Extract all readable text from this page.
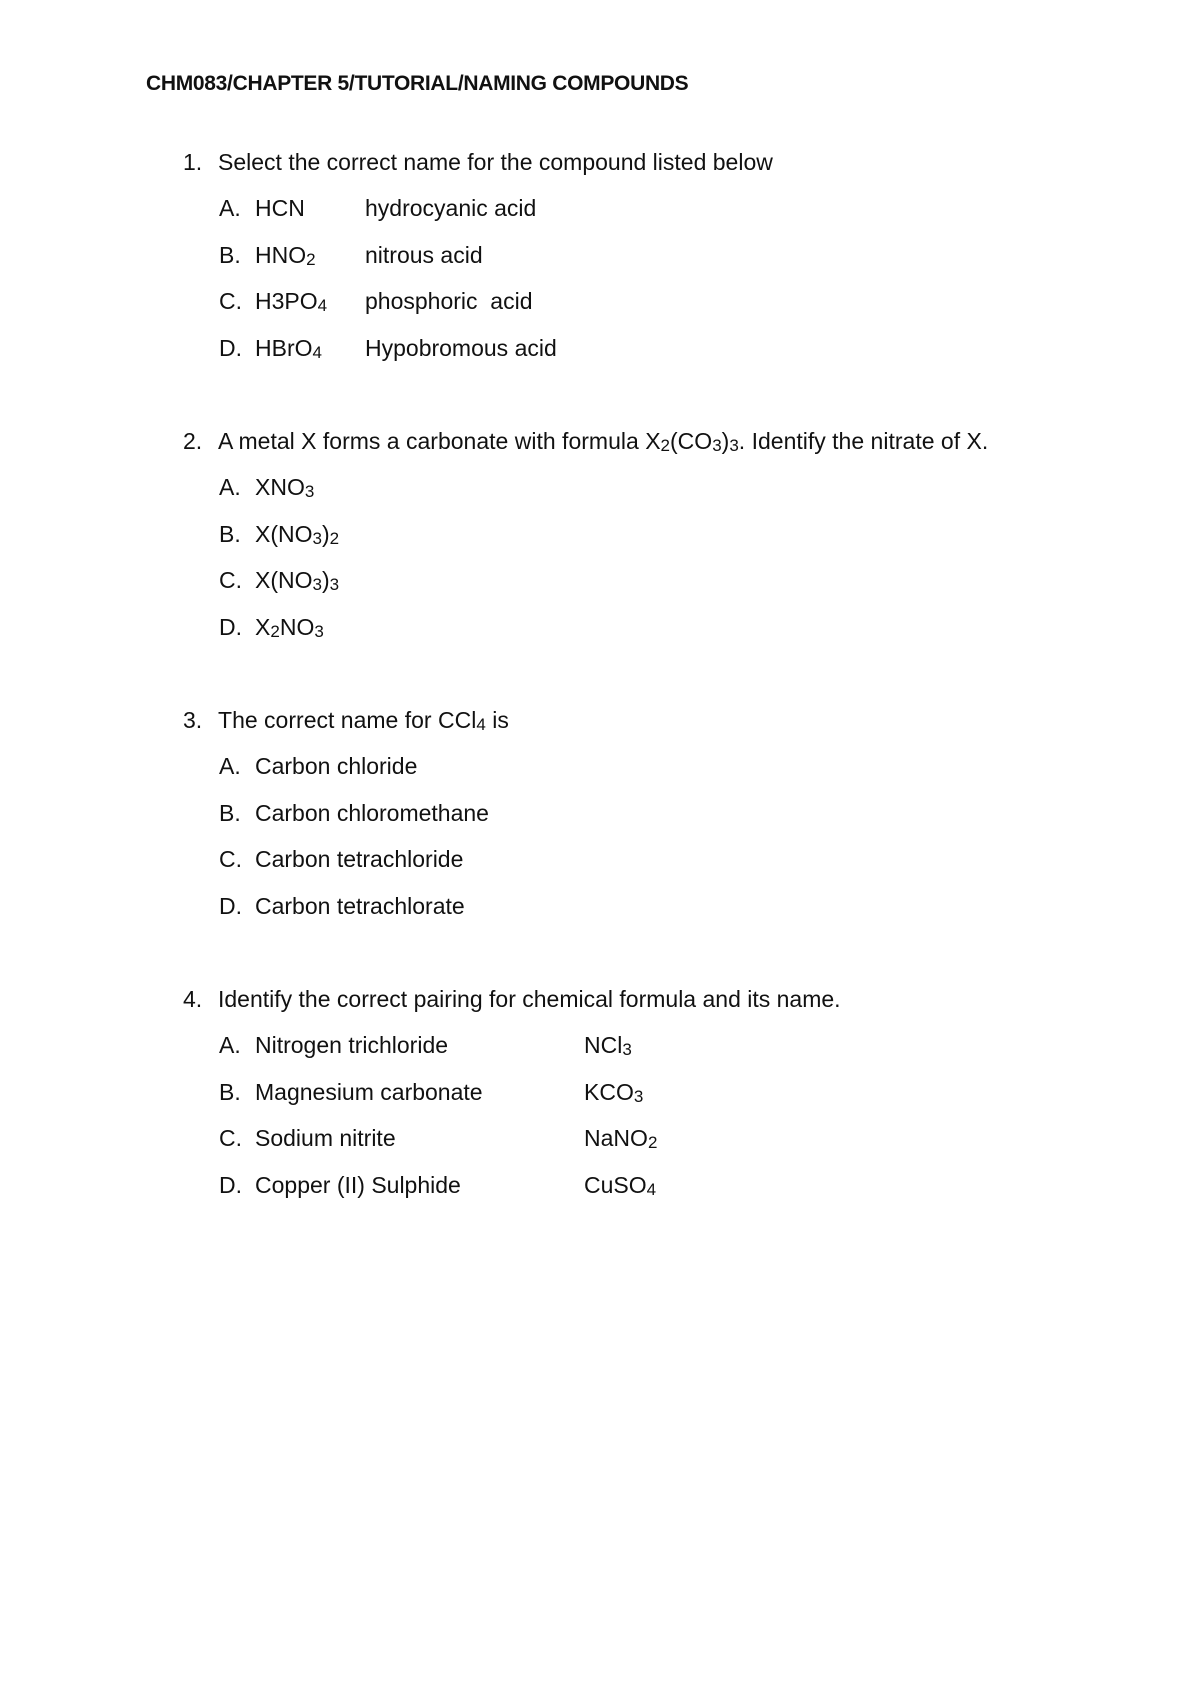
CHM083/CHAPTER 5/TUTORIAL/NAMING COMPOUNDS
1. Select the correct name for the compound listed below
A. HCN	hydrocyanic acid
B. $HNO_2$ nitrous acid
C. $H3PO_4$ phosphoric  acid
D. HBrO$_4$ Hypobromous acid
2. A metal X forms a carbonate with formula $X_2(CO_3)_3$. Identify the nitrate of X.
A. $XNO_3$
B. $X(NO_3)_2$
C. $X(NO_3)_3$
D. $X_2NO_3$
3. The correct name for CCl$_4$ is
A. Carbon chloride
B. Carbon chloromethane
C. Carbon tetrachloride
D. Carbon tetrachlorate
4. Identify the correct pairing for chemical formula and its name.
A. Nitrogen trichloride	NCl$_3$
B. Magnesium carbonate	$KCO_3$
C. Sodium nitrite	NaNO$_2$
D. Copper (II) Sulphide	CuSO$_4$
